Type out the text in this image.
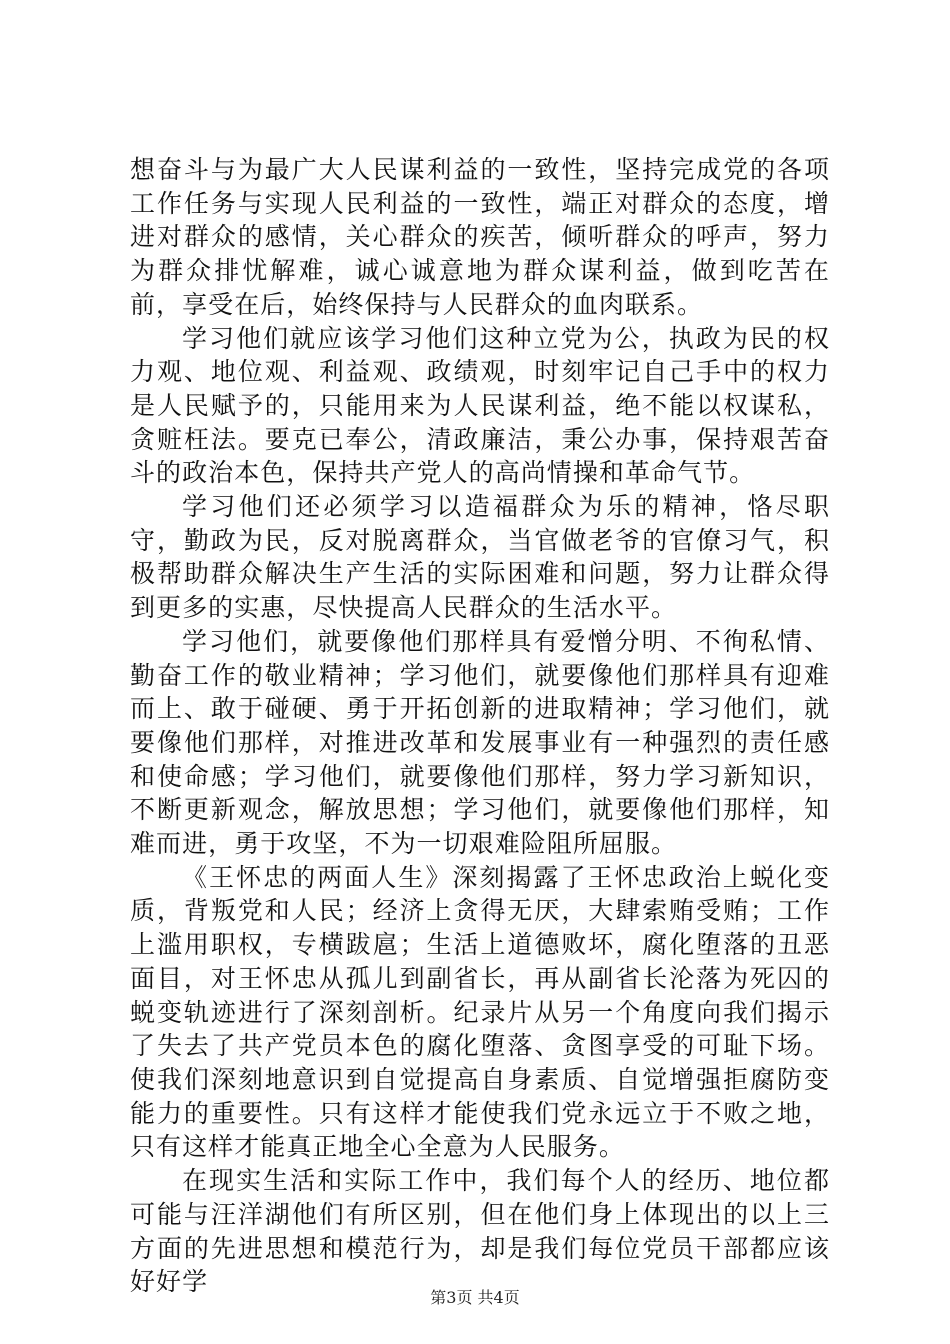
想奋斗与为最广大人民谋利益的一致性，坚持完成党的各项工作任务与实现人民利益的一致性，端正对群众的态度，增进对群众的感情，关心群众的疾苦，倾听群众的呼声，努力为群众排忧解难，诚心诚意地为群众谋利益，做到吃苦在前，享受在后，始终保持与人民群众的血肉联系。

学习他们就应该学习他们这种立党为公，执政为民的权力观、地位观、利益观、政绩观，时刻牢记自己手中的权力是人民赋予的，只能用来为人民谋利益，绝不能以权谋私，贪赃枉法。要克已奉公，清政廉洁，秉公办事，保持艰苦奋斗的政治本色，保持共产党人的高尚情操和革命气节。

学习他们还必须学习以造福群众为乐的精神，恪尽职守，勤政为民，反对脱离群众，当官做老爷的官僚习气，积极帮助群众解决生产生活的实际困难和问题，努力让群众得到更多的实惠，尽快提高人民群众的生活水平。

学习他们，就要像他们那样具有爱憎分明、不徇私情、勤奋工作的敬业精神；学习他们，就要像他们那样具有迎难而上、敢于碰硬、勇于开拓创新的进取精神；学习他们，就要像他们那样，对推进改革和发展事业有一种强烈的责任感和使命感；学习他们，就要像他们那样，努力学习新知识，不断更新观念，解放思想；学习他们，就要像他们那样，知难而进，勇于攻坚，不为一切艰难险阻所屈服。

《王怀忠的两面人生》深刻揭露了王怀忠政治上蜕化变质，背叛党和人民；经济上贪得无厌，大肆索贿受贿；工作上滥用职权，专横跋扈；生活上道德败坏，腐化堕落的丑恶面目，对王怀忠从孤儿到副省长，再从副省长沦落为死囚的蜕变轨迹进行了深刻剖析。纪录片从另一个角度向我们揭示了失去了共产党员本色的腐化堕落、贪图享受的可耻下场。使我们深刻地意识到自觉提高自身素质、自觉增强拒腐防变能力的重要性。只有这样才能使我们党永远立于不败之地，只有这样才能真正地全心全意为人民服务。

在现实生活和实际工作中，我们每个人的经历、地位都可能与汪洋湖他们有所区别，但在他们身上体现出的以上三方面的先进思想和模范行为，却是我们每位党员干部都应该好好学

第3页 共4页
